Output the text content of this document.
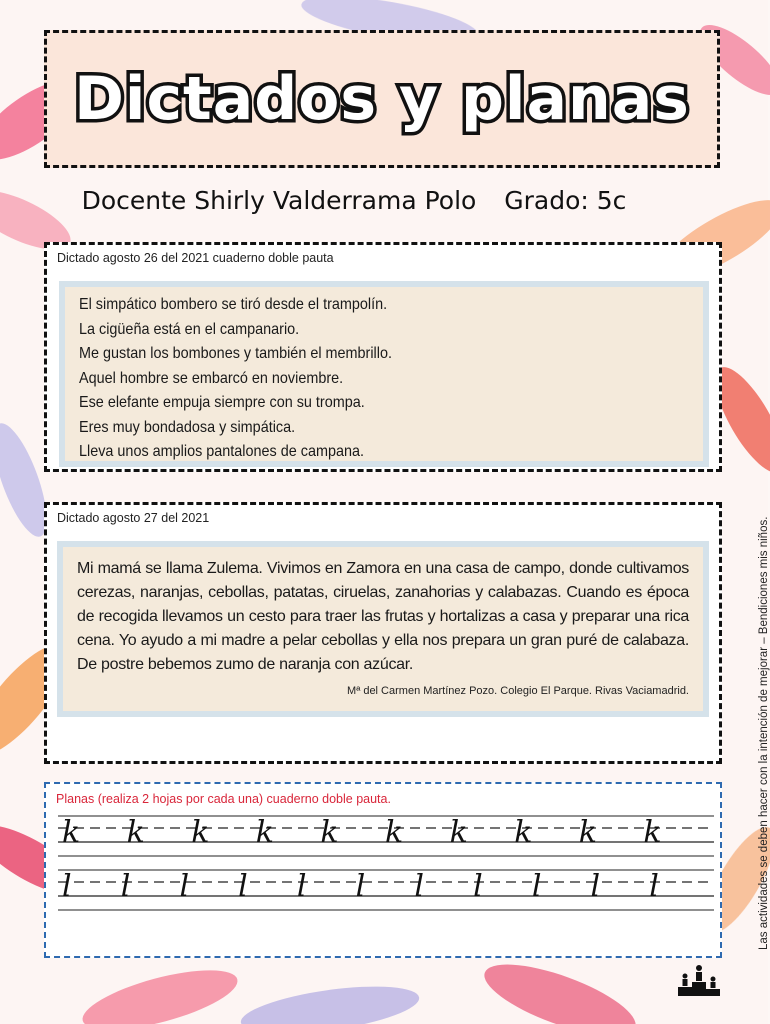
Dictados y planas
Docente Shirly Valderrama Polo Grado: 5c
Dictado agosto 26 del 2021 cuaderno doble pauta
El simpático bombero se tiró desde el trampolín.
La cigüeña está en el campanario.
Me gustan los bombones y también el membrillo.
Aquel hombre se embarcó en noviembre.
Ese elefante empuja siempre con su trompa.
Eres muy bondadosa y simpática.
Lleva unos amplios pantalones de campana.
Dictado agosto 27 del 2021

Mi mamá se llama Zulema. Vivimos en Zamora en una casa de campo, donde cultivamos cerezas, naranjas, cebollas, patatas, ciruelas, zanahorias y calabazas. Cuando es época de recogida llevamos un cesto para traer las frutas y hortalizas a casa y preparar una rica cena. Yo ayudo a mi madre a pelar cebollas y ella nos prepara un gran puré de calabaza. De postre bebemos zumo de naranja con azúcar.

Mª del Carmen Martínez Pozo. Colegio El Parque. Rivas Vaciamadrid.
Planas (realiza 2 hojas por cada una) cuaderno doble pauta.
k k k k k k k k k k
l l l l l l l l l l l	Las actividades se deben hacer con la intención de mejorar – Bendiciones mis niños.
